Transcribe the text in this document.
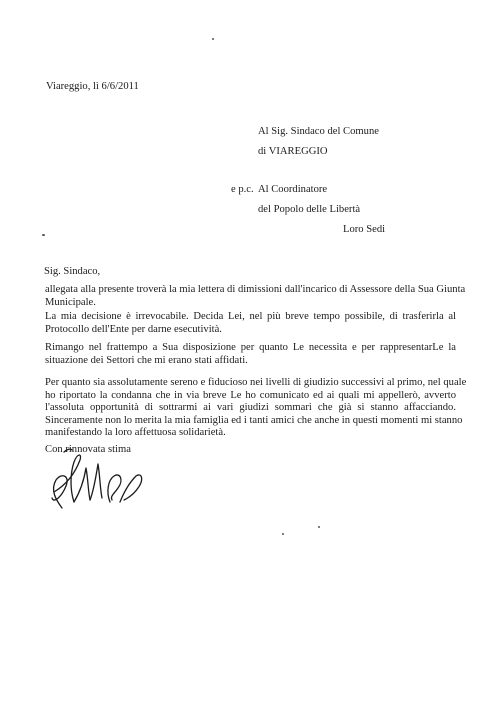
Viareggio, lì 6/6/2011
Al Sig. Sindaco del Comune
di VIAREGGIO
e p.c. Al Coordinatore
del Popolo delle Libertà
Loro Sedi
Sig. Sindaco,
allegata alla presente troverà la mia lettera di dimissioni dall'incarico di Assessore della Sua Giunta
Municipale.
La mia decisione è irrevocabile. Decida Lei, nel più breve tempo possibile, di trasferirla al
Protocollo dell'Ente per darne esecutività.
Rimango nel frattempo a Sua disposizione per quanto Le necessita e per rappresentarLe la
situazione dei Settori che mi erano stati affidati.
Per quanto sia assolutamente sereno e fiducioso nei livelli di giudizio successivi al primo, nel quale
ho riportato la condanna che in via breve Le ho comunicato ed ai quali mi appellerò, avverto
l'assoluta opportunità di sottrarmi ai vari giudizi sommari che già si stanno affacciando.
Sinceramente non lo merita la mia famiglia ed i tanti amici che anche in questi momenti mi stanno
manifestando la loro affettuosa solidarietà.
Con rinnovata stima
